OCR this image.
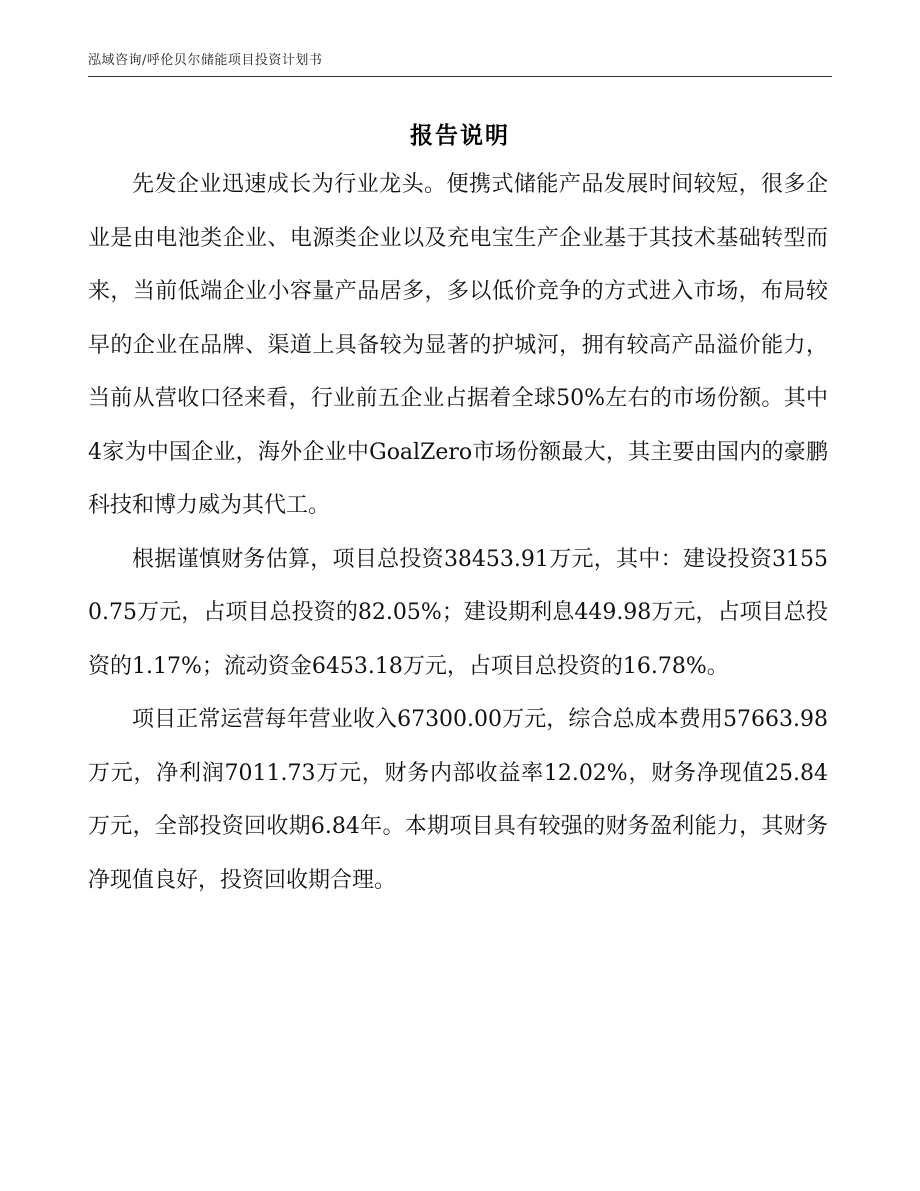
泓域咨询/呼伦贝尔储能项目投资计划书
报告说明

先发企业迅速成长为行业龙头。便携式储能产品发展时间较短，很多企业是由电池类企业、电源类企业以及充电宝生产企业基于其技术基础转型而来，当前低端企业小容量产品居多，多以低价竞争的方式进入市场，布局较早的企业在品牌、渠道上具备较为显著的护城河，拥有较高产品溢价能力，当前从营收口径来看，行业前五企业占据着全球50%左右的市场份额。其中4家为中国企业，海外企业中GoalZero市场份额最大，其主要由国内的豪鹏科技和博力威为其代工。

根据谨慎财务估算，项目总投资38453.91万元，其中：建设投资31550.75万元，占项目总投资的82.05%；建设期利息449.98万元，占项目总投资的1.17%；流动资金6453.18万元，占项目总投资的16.78%。

项目正常运营每年营业收入67300.00万元，综合总成本费用57663.98万元，净利润7011.73万元，财务内部收益率12.02%，财务净现值25.84万元，全部投资回收期6.84年。本期项目具有较强的财务盈利能力，其财务净现值良好，投资回收期合理。
